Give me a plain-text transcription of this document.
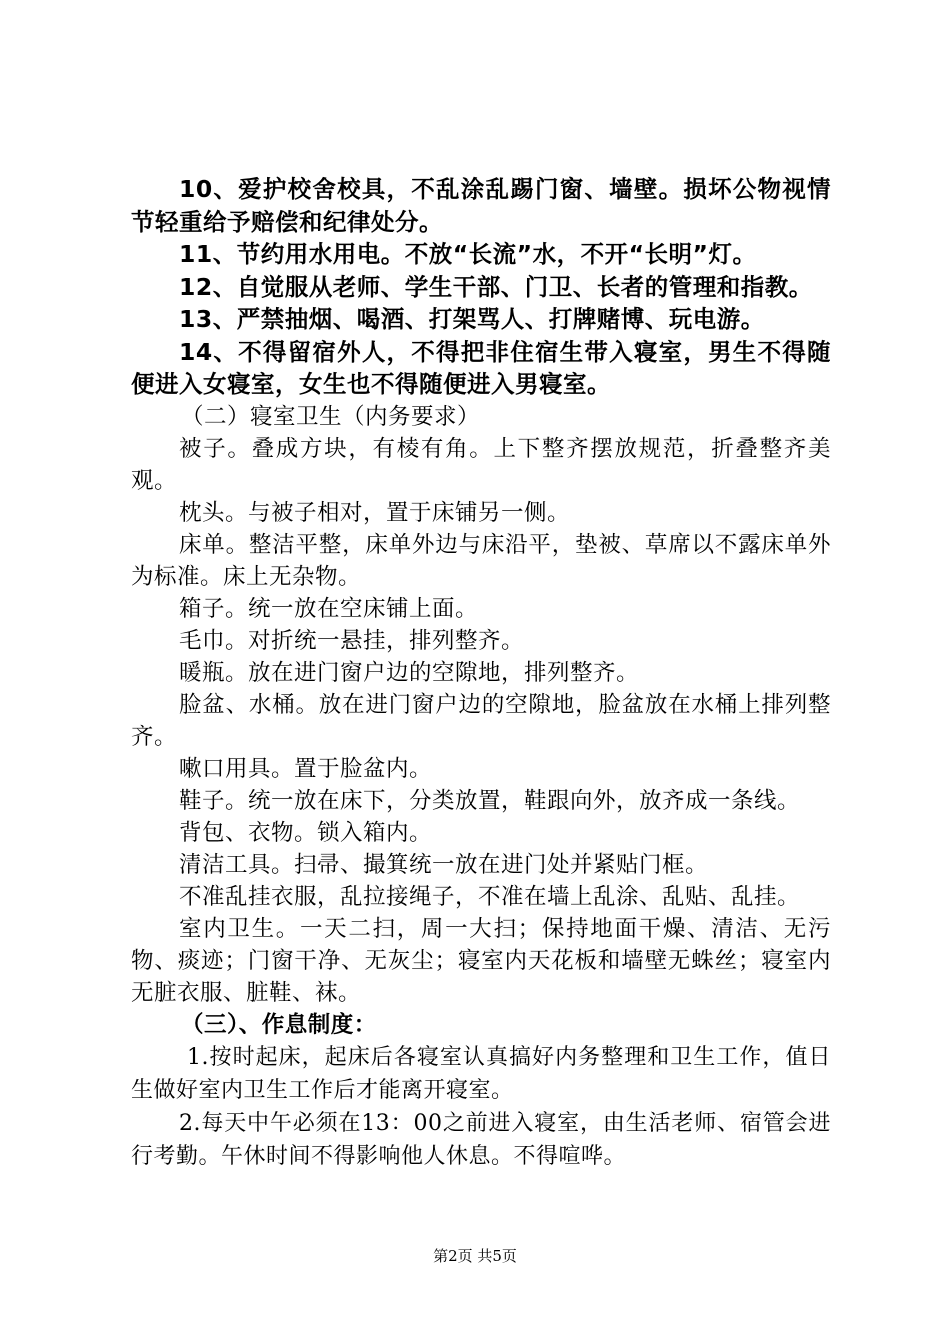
10、爱护校舍校具，不乱涂乱踢门窗、墙壁。损坏公物视情节轻重给予赔偿和纪律处分。

11、节约用水用电。不放“长流”水，不开“长明”灯。

12、自觉服从老师、学生干部、门卫、长者的管理和指教。

13、严禁抽烟、喝酒、打架骂人、打牌赌博、玩电游。

14、不得留宿外人，不得把非住宿生带入寝室，男生不得随便进入女寝室，女生也不得随便进入男寝室。

（二）寝室卫生（内务要求）

被子。叠成方块，有棱有角。上下整齐摆放规范，折叠整齐美观。

枕头。与被子相对，置于床铺另一侧。

床单。整洁平整，床单外边与床沿平，垫被、草席以不露床单外为标准。床上无杂物。

箱子。统一放在空床铺上面。

毛巾。对折统一悬挂，排列整齐。

暖瓶。放在进门窗户边的空隙地，排列整齐。

脸盆、水桶。放在进门窗户边的空隙地，脸盆放在水桶上排列整齐。

嗽口用具。置于脸盆内。

鞋子。统一放在床下，分类放置，鞋跟向外，放齐成一条线。

背包、衣物。锁入箱内。

清洁工具。扫帚、撮箕统一放在进门处并紧贴门框。

不准乱挂衣服，乱拉接绳子，不准在墙上乱涂、乱贴、乱挂。

室内卫生。一天二扫，周一大扫；保持地面干燥、清洁、无污物、痰迹；门窗干净、无灰尘；寝室内天花板和墙壁无蛛丝；寝室内无脏衣服、脏鞋、袜。

（三）、作息制度：

1.按时起床，起床后各寝室认真搞好内务整理和卫生工作，值日生做好室内卫生工作后才能离开寝室。

2.每天中午必须在13：00之前进入寝室，由生活老师、宿管会进行考勤。午休时间不得影响他人休息。不得喧哗。

第2页 共5页
